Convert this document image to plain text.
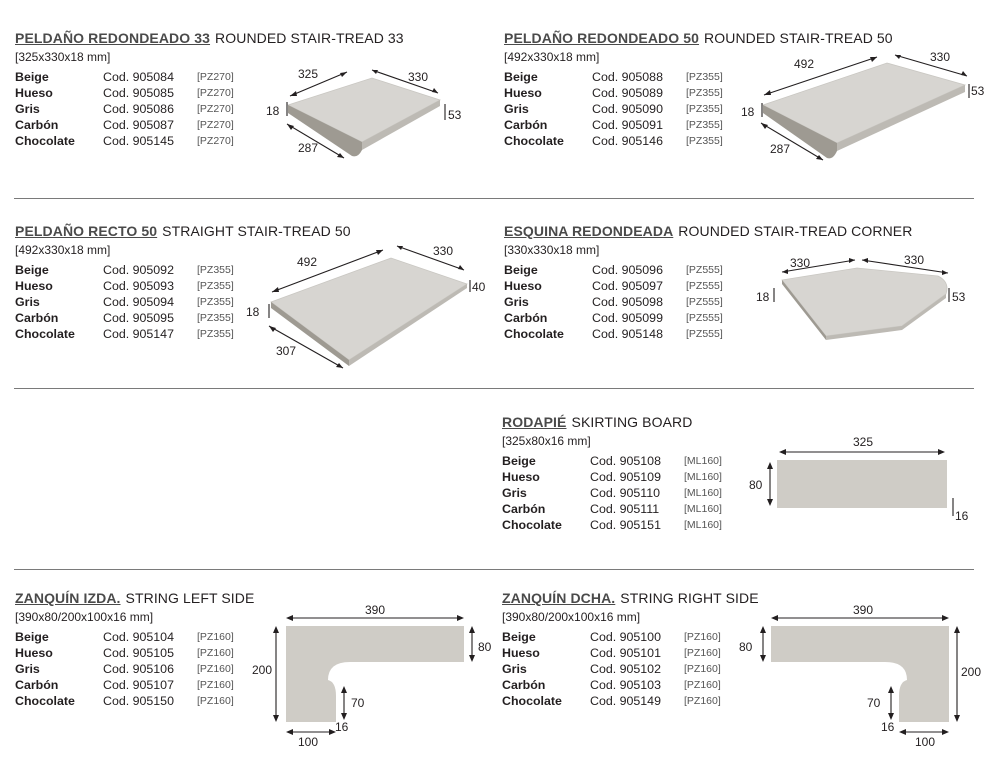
PELDAÑO REDONDEADO 33 ROUNDED STAIR-TREAD 33
[325x330x18 mm]
Beige	Cod. 905084	[PZ270]
Hueso	Cod. 905085	[PZ270]
Gris	Cod. 905086	[PZ270]
Carbón	Cod. 905087	[PZ270]
Chocolate	Cod. 905145	[PZ270]
325	330
18	53
287
PELDAÑO REDONDEADO 50 ROUNDED STAIR-TREAD 50
[492x330x18 mm]
Beige	Cod. 905088	[PZ355]
Hueso	Cod. 905089	[PZ355]
Gris	Cod. 905090	[PZ355]
Carbón	Cod. 905091	[PZ355]
Chocolate	Cod. 905146	[PZ355]
492	330
18
53
287
PELDAÑO RECTO 50 STRAIGHT STAIR-TREAD 50
[492x330x18 mm]
Beige	Cod. 905092	[PZ355]
Hueso	Cod. 905093	[PZ355]
Gris	Cod. 905094	[PZ355]
Carbón	Cod. 905095	[PZ355]
Chocolate	Cod. 905147	[PZ355]
492
330
18
40
307
ESQUINA REDONDEADA ROUNDED STAIR-TREAD CORNER
[330x330x18 mm]
Beige	Cod. 905096	[PZ555]
Hueso	Cod. 905097	[PZ555]
Gris	Cod. 905098	[PZ555]
Carbón	Cod. 905099	[PZ555]
Chocolate	Cod. 905148	[PZ555]
330	330
18	53
RODAPIÉ SKIRTING BOARD
[325x80x16 mm]
Beige	Cod. 905108	[ML160]
Hueso	Cod. 905109	[ML160]
Gris	Cod. 905110	[ML160]
Carbón	Cod. 905111	[ML160]
Chocolate	Cod. 905151	[ML160]
325
80
16
ZANQUÍN IZDA. STRING LEFT SIDE
[390x80/200x100x16 mm]
Beige	Cod. 905104	[PZ160]
Hueso	Cod. 905105	[PZ160]
Gris	Cod. 905106	[PZ160]
Carbón	Cod. 905107	[PZ160]
Chocolate	Cod. 905150	[PZ160]
390
80
200
70
16
100
ZANQUÍN DCHA. STRING RIGHT SIDE
[390x80/200x100x16 mm]
Beige	Cod. 905100	[PZ160]
Hueso	Cod. 905101	[PZ160]
Gris	Cod. 905102	[PZ160]
Carbón	Cod. 905103	[PZ160]
Chocolate	Cod. 905149	[PZ160]
390
80
200
70
16
100
